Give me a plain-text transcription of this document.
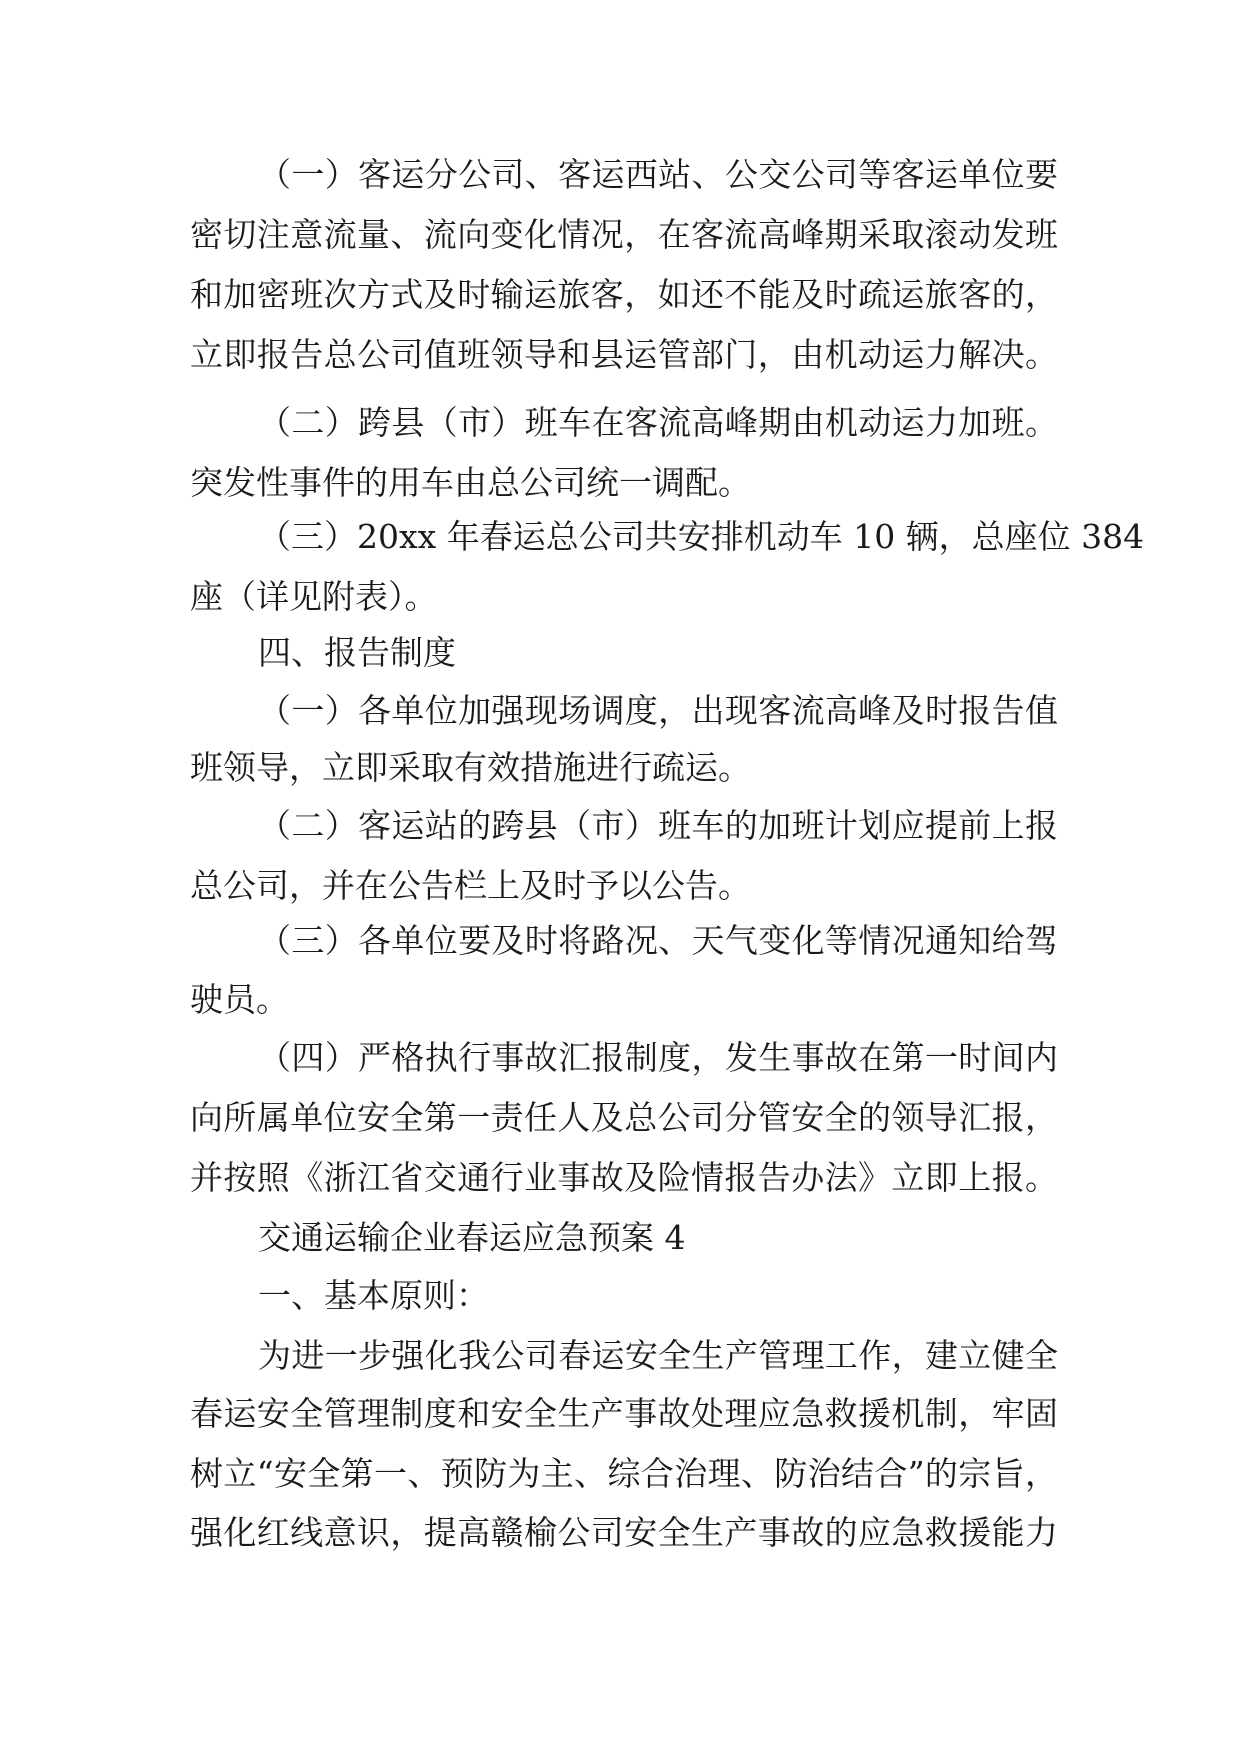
（一）客运分公司、客运西站、公交公司等客运单位要
密切注意流量、流向变化情况，在客流高峰期采取滚动发班
和加密班次方式及时输运旅客，如还不能及时疏运旅客的，
立即报告总公司值班领导和县运管部门，由机动运力解决。
（二）跨县（市）班车在客流高峰期由机动运力加班。
突发性事件的用车由总公司统一调配。
（三）20xx 年春运总公司共安排机动车 10 辆，总座位 384
座（详见附表）。
四、报告制度
（一）各单位加强现场调度，出现客流高峰及时报告值
班领导，立即采取有效措施进行疏运。
（二）客运站的跨县（市）班车的加班计划应提前上报
总公司，并在公告栏上及时予以公告。
（三）各单位要及时将路况、天气变化等情况通知给驾
驶员。
（四）严格执行事故汇报制度，发生事故在第一时间内
向所属单位安全第一责任人及总公司分管安全的领导汇报，
并按照《浙江省交通行业事故及险情报告办法》立即上报。
交通运输企业春运应急预案 4
一、基本原则：
为进一步强化我公司春运安全生产管理工作，建立健全
春运安全管理制度和安全生产事故处理应急救援机制，牢固
树立“安全第一、预防为主、综合治理、防治结合”的宗旨，
强化红线意识，提高赣榆公司安全生产事故的应急救援能力
